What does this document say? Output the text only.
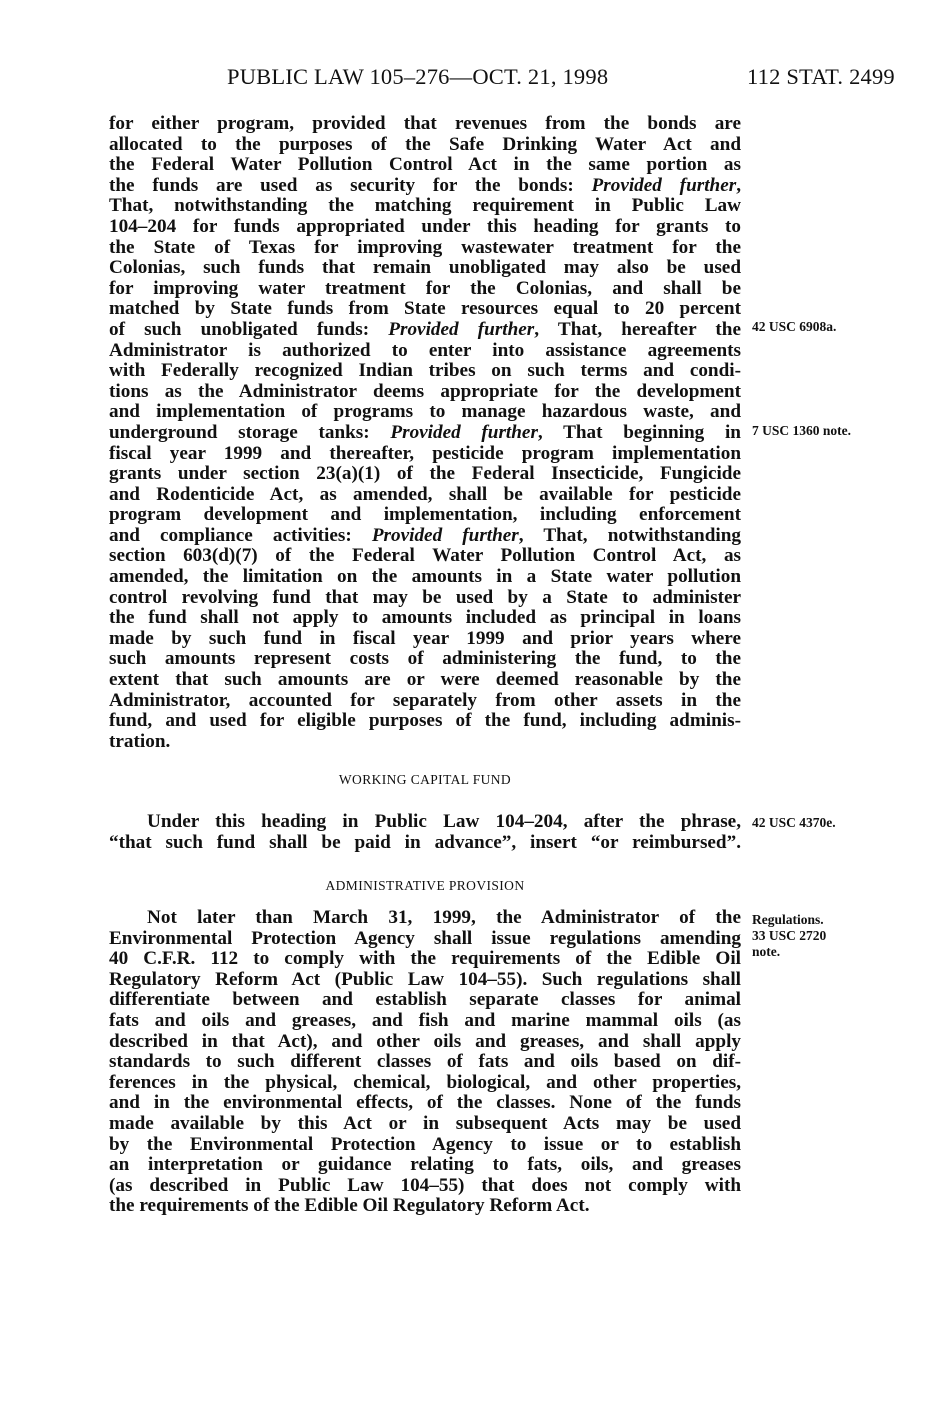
PUBLIC LAW 105–276—OCT. 21, 1998	112 STAT. 2499
for either program, provided that revenues from the bonds are
allocated to the purposes of the Safe Drinking Water Act and
the Federal Water Pollution Control Act in the same portion as
the funds are used as security for the bonds: Provided further,
That, notwithstanding the matching requirement in Public Law
104–204 for funds appropriated under this heading for grants to
the State of Texas for improving wastewater treatment for the
Colonias, such funds that remain unobligated may also be used
for improving water treatment for the Colonias, and shall be
matched by State funds from State resources equal to 20 percent
of such unobligated funds: Provided further, That, hereafter the
Administrator is authorized to enter into assistance agreements
with Federally recognized Indian tribes on such terms and condi-
tions as the Administrator deems appropriate for the development
and implementation of programs to manage hazardous waste, and
underground storage tanks: Provided further, That beginning in
fiscal year 1999 and thereafter, pesticide program implementation
grants under section 23(a)(1) of the Federal Insecticide, Fungicide
and Rodenticide Act, as amended, shall be available for pesticide
program development and implementation, including enforcement
and compliance activities: Provided further, That, notwithstanding
section 603(d)(7) of the Federal Water Pollution Control Act, as
amended, the limitation on the amounts in a State water pollution
control revolving fund that may be used by a State to administer
the fund shall not apply to amounts included as principal in loans
made by such fund in fiscal year 1999 and prior years where
such amounts represent costs of administering the fund, to the
extent that such amounts are or were deemed reasonable by the
Administrator, accounted for separately from other assets in the
fund, and used for eligible purposes of the fund, including adminis-
tration.
WORKING CAPITAL FUND
Under this heading in Public Law 104–204, after the phrase,
“that such fund shall be paid in advance”, insert “or reimbursed”.
ADMINISTRATIVE PROVISION
Not later than March 31, 1999, the Administrator of the
Environmental Protection Agency shall issue regulations amending
40 C.F.R. 112 to comply with the requirements of the Edible Oil
Regulatory Reform Act (Public Law 104–55). Such regulations shall
differentiate between and establish separate classes for animal
fats and oils and greases, and fish and marine mammal oils (as
described in that Act), and other oils and greases, and shall apply
standards to such different classes of fats and oils based on dif-
ferences in the physical, chemical, biological, and other properties,
and in the environmental effects, of the classes. None of the funds
made available by this Act or in subsequent Acts may be used
by the Environmental Protection Agency to issue or to establish
an interpretation or guidance relating to fats, oils, and greases
(as described in Public Law 104–55) that does not comply with
the requirements of the Edible Oil Regulatory Reform Act.
42 USC 6908a.
7 USC 1360 note.
42 USC 4370e.
Regulations.
33 USC 2720
note.
